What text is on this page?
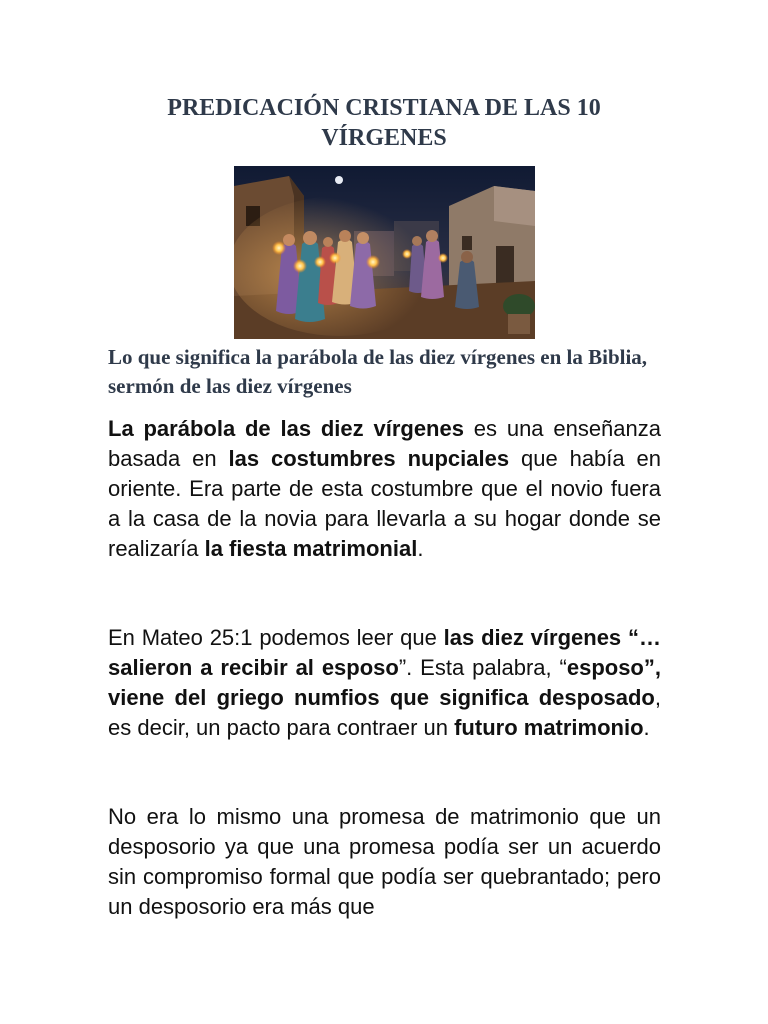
PREDICACIÓN CRISTIANA DE LAS 10
VÍRGENES
Lo que significa la parábola de las diez vírgenes en la Biblia, sermón de las diez vírgenes

La parábola de las diez vírgenes es una enseñanza basada en las costumbres nupciales que había en oriente. Era parte de esta costumbre que el novio fuera a la casa de la novia para llevarla a su hogar donde se realizaría la fiesta matrimonial.

En Mateo 25:1 podemos leer que las diez vírgenes “…salieron a recibir al esposo”. Esta palabra, “esposo”, viene del griego numfios que significa desposado, es decir, un pacto para contraer un futuro matrimonio.

No era lo mismo una promesa de matrimonio que un desposorio ya que una promesa podía ser un acuerdo sin compromiso formal que podía ser quebrantado; pero un desposorio era más que
